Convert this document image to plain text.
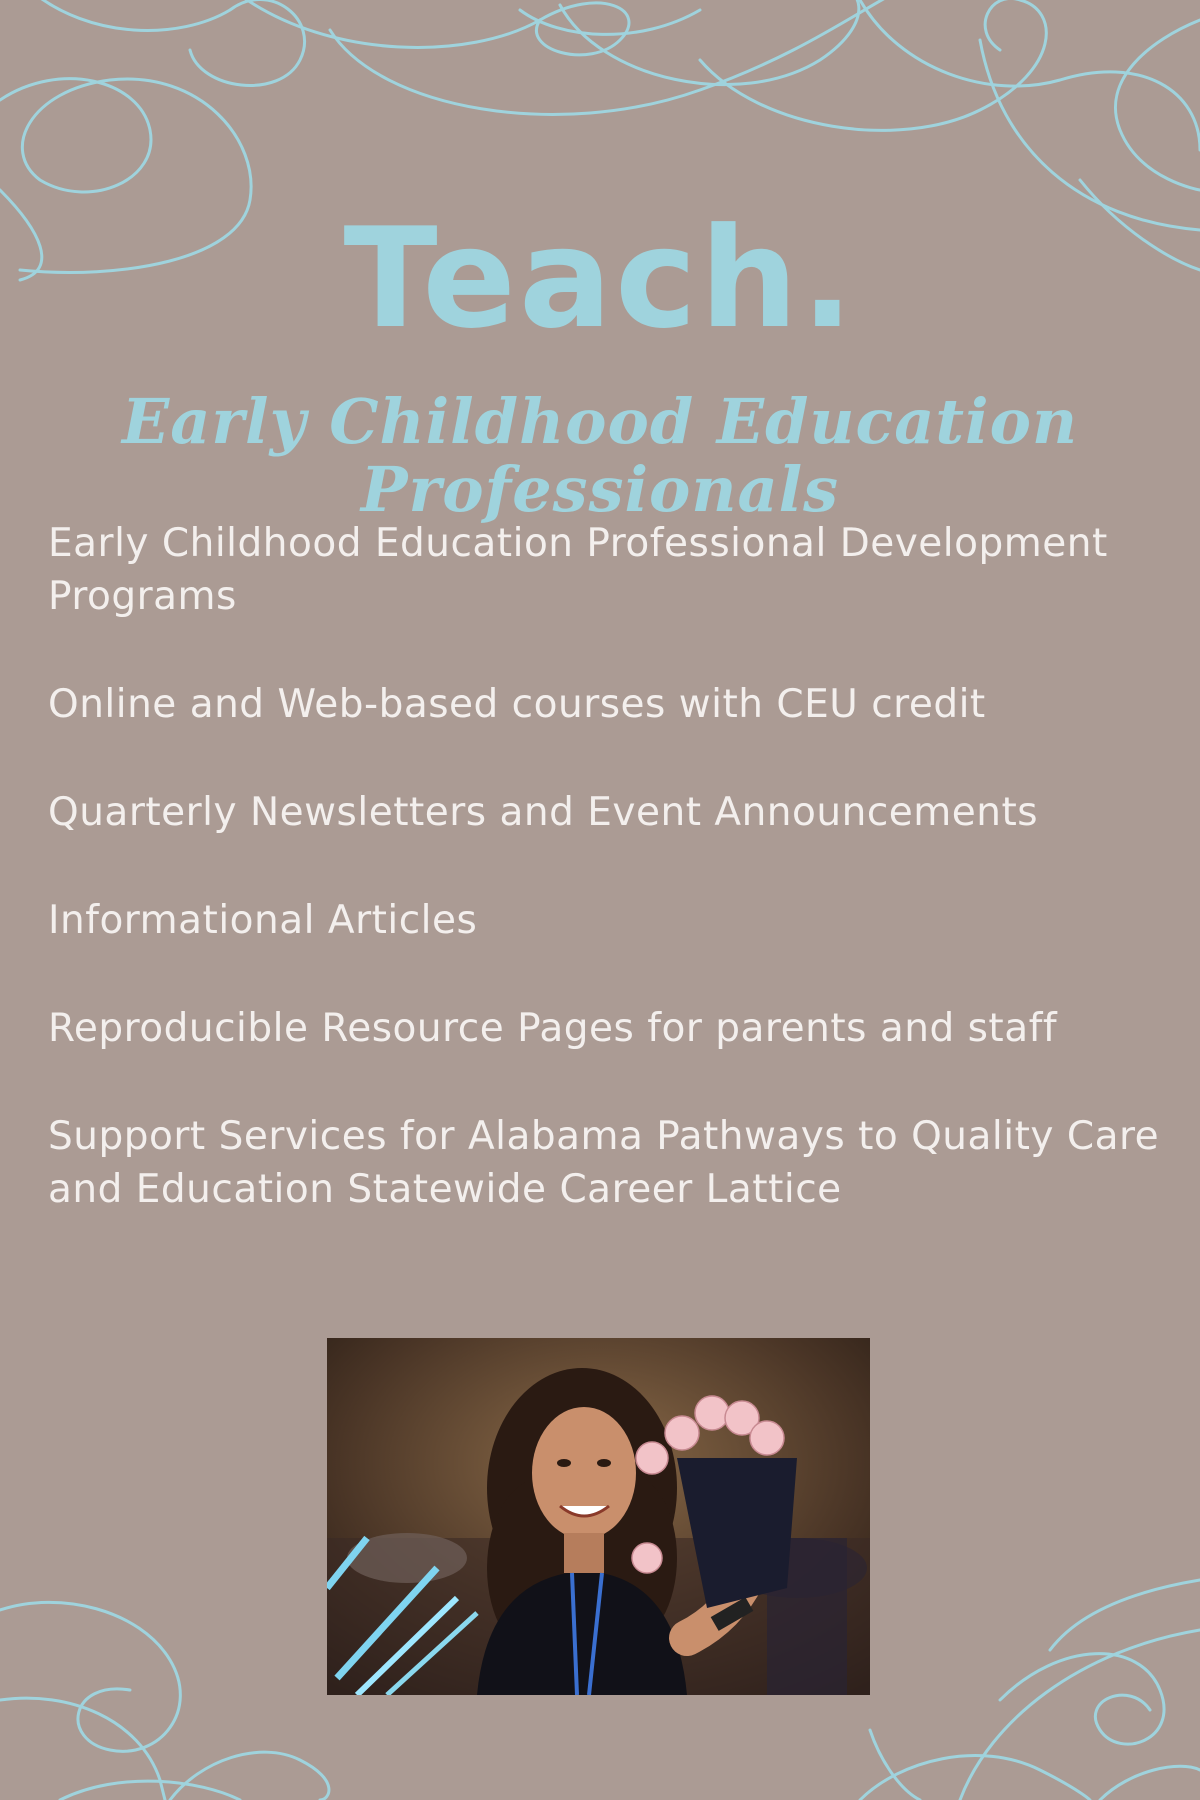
Teach.
Early Childhood Education Professionals
Early Childhood Education Professional Development Programs
Online and Web-based courses with CEU credit
Quarterly Newsletters and Event Announcements
Informational Articles
Reproducible Resource Pages for parents and staff
Support Services for Alabama Pathways to Quality Care and Education Statewide Career Lattice
